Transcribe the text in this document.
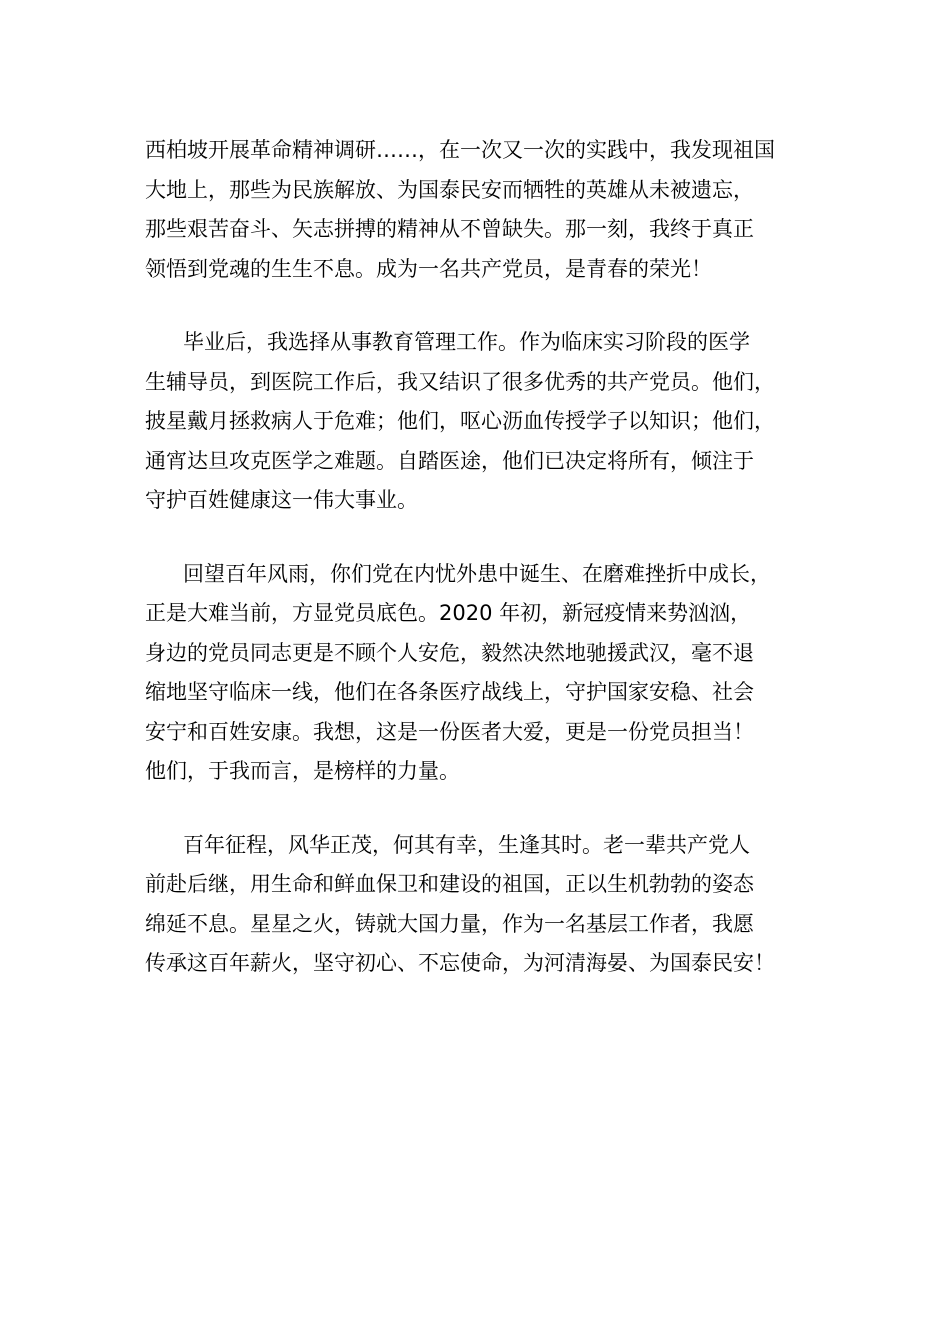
西柏坡开展革命精神调研……，在一次又一次的实践中，我发现祖国
大地上，那些为民族解放、为国泰民安而牺牲的英雄从未被遗忘，
那些艰苦奋斗、矢志拼搏的精神从不曾缺失。那一刻，我终于真正
领悟到党魂的生生不息。成为一名共产党员，是青春的荣光！

毕业后，我选择从事教育管理工作。作为临床实习阶段的医学
生辅导员，到医院工作后，我又结识了很多优秀的共产党员。他们，
披星戴月拯救病人于危难；他们，呕心沥血传授学子以知识；他们，
通宵达旦攻克医学之难题。自踏医途，他们已决定将所有，倾注于
守护百姓健康这一伟大事业。

回望百年风雨，你们党在内忧外患中诞生、在磨难挫折中成长，
正是大难当前，方显党员底色。2020 年初，新冠疫情来势汹汹，
身边的党员同志更是不顾个人安危，毅然决然地驰援武汉，毫不退
缩地坚守临床一线，他们在各条医疗战线上，守护国家安稳、社会
安宁和百姓安康。我想，这是一份医者大爱，更是一份党员担当！
他们，于我而言，是榜样的力量。

百年征程，风华正茂，何其有幸，生逢其时。老一辈共产党人
前赴后继，用生命和鲜血保卫和建设的祖国，正以生机勃勃的姿态
绵延不息。星星之火，铸就大国力量，作为一名基层工作者，我愿
传承这百年薪火，坚守初心、不忘使命，为河清海晏、为国泰民安！
